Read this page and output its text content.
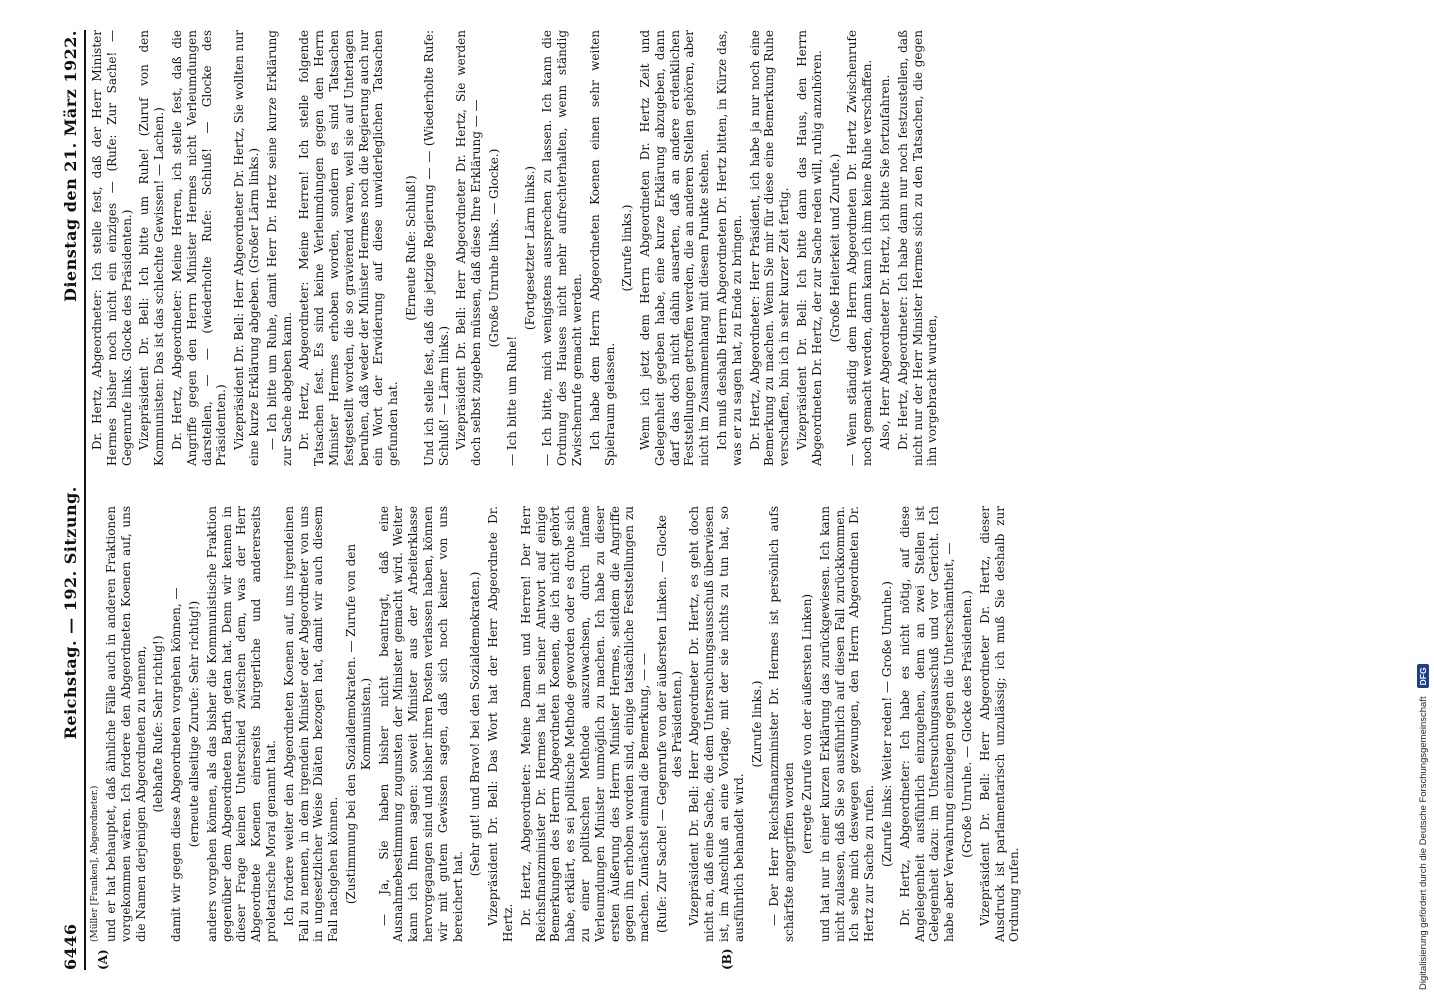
6446
Reichstag. — 192. Sitzung.
Dienstag den 21. März 1922.
(A)	(B)

(Müller [Franken], Abgeordneter.) und er hat behauptet, daß ähnliche Fälle auch in anderen Fraktionen vorgekommen wären. Ich fordere den Abgeordneten Koenen auf, uns die Namen derjenigen Abgeordneten zu nennen, (lebhafte Rufe: Sehr richtig!) damit wir gegen diese Abgeordneten vorgehen können, — (erneute allseitige Zurufe: Sehr richtig!) anders vorgehen können, als das bisher die Kommunistische Fraktion gegenüber dem Abgeordneten Barth getan hat. Denn wir kennen in dieser Frage keinen Unterschied zwischen dem, was der Herr Abgeordnete Koenen einerseits bürgerliche und andererseits proletarische Moral genannt hat. Ich fordere weiter den Abgeordneten Koenen auf, uns irgendeinen Fall zu nennen, in dem irgendein Minister oder Abgeordneter von uns in ungesetzlicher Weise Diäten bezogen hat, damit wir auch diesem Fall nachgehen können. (Zustimmung bei den Sozialdemokraten. — Zurufe von den Kommunisten.) — Ja, Sie haben bisher nicht beantragt, daß eine Ausnahmebestimmung zugunsten der Minister gemacht wird. Weiter kann ich Ihnen sagen: soweit Minister aus der Arbeiterklasse hervorgegangen sind und bisher ihren Posten verlassen haben, können wir mit gutem Gewissen sagen, daß sich noch keiner von uns bereichert hat.

(Sehr gut! und Bravo! bei den Sozialdemokraten.) Vizepräsident Dr. Bell: Das Wort hat der Herr Abgeordnete Dr. Hertz. Dr. Hertz, Abgeordneter: Meine Damen und Herren! Der Herr Reichsfinanzminister Dr. Hermes hat in seiner Antwort auf einige Bemerkungen des Herrn Abgeordneten Koenen, die ich nicht gehört habe, erklärt, es sei politische Methode geworden oder es drohe sich zu einer politischen Methode auszuwachsen, durch infame Verleumdungen Minister unmöglich zu machen. Ich habe zu dieser ersten Äußerung des Herrn Minister Hermes, seitdem die Angriffe gegen ihn erhoben worden sind, einige tatsächliche Feststellungen zu machen. Zunächst einmal die Bemerkung, — — (Rufe: Zur Sache! — Gegenrufe von der äußersten Linken. — Glocke des Präsidenten.) Vizepräsident Dr. Bell: Herr Abgeordneter Dr. Hertz, es geht doch nicht an, daß eine Sache, die dem Untersuchungsausschuß überwiesen ist, im Anschluß an eine Vorlage, mit der sie nichts zu tun hat, so ausführlich behandelt wird.

(Zurufe links.) — Der Herr Reichsfinanzminister Dr. Hermes ist persönlich aufs schärfste angegriffen worden (erregte Zurufe von der äußersten Linken) und hat nur in einer kurzen Erklärung das zurückgewiesen. Ich kann nicht zulassen, daß Sie so ausführlich auf diesen Fall zurückkommen. Ich sehe mich deswegen gezwungen, den Herrn Abgeordneten Dr. Hertz zur Sache zu rufen. (Zurufe links: Weiter reden! — Große Unruhe.) Dr. Hertz, Abgeordneter: Ich habe es nicht nötig, auf diese Angelegenheit ausführlich einzugehen, denn an zwei Stellen ist Gelegenheit dazu: im Untersuchungsausschuß und vor Gericht. Ich habe aber Verwahrung einzulegen gegen die Unterschämtheit, — (Große Unruhe. — Glocke des Präsidenten.) Vizepräsident Dr. Bell: Herr Abgeordneter Dr. Hertz, dieser Ausdruck ist parlamentarisch unzulässig; ich muß Sie deshalb zur Ordnung rufen.

Dr. Hertz, Abgeordneter: Ich stelle fest, daß der Herr Minister Hermes bisher noch nicht ein einziges — (Rufe: Zur Sache! — Gegenrufe links. Glocke des Präsidenten.) Vizepräsident Dr. Bell: Ich bitte um Ruhe! (Zuruf von den Kommunisten: Das ist das schlechte Gewissen! — Lachen.) Dr. Hertz, Abgeordneter: Meine Herren, ich stelle fest, daß die Angriffe gegen den Herrn Minister Hermes nicht Verleumdungen darstellen, — — (wiederholte Rufe: Schluß! — Glocke des Präsidenten.) Vizepräsident Dr. Bell: Herr Abgeordneter Dr. Hertz, Sie wollten nur eine kurze Erklärung abgeben. (Großer Lärm links.) — Ich bitte um Ruhe, damit Herr Dr. Hertz seine kurze Erklärung zur Sache abgeben kann. Dr. Hertz, Abgeordneter: Meine Herren! Ich stelle folgende Tatsachen fest. Es sind keine Verleumdungen gegen den Herrn Minister Hermes erhoben worden, sondern es sind Tatsachen festgestellt worden, die so gravierend waren, weil sie auf Unterlagen beruhen, daß weder der Minister Hermes noch die Regierung auch nur ein Wort der Erwiderung auf diese unwiderleglichen Tatsachen gefunden hat.

(Erneute Rufe: Schluß!) Und ich stelle fest, daß die jetzige Regierung — — (Wiederholte Rufe: Schluß! — Lärm links.) Vizepräsident Dr. Bell: Herr Abgeordneter Dr. Hertz, Sie werden doch selbst zugeben müssen, daß diese Ihre Erklärung — — (Große Unruhe links. — Glocke.)

— Ich bitte um Ruhe!

(Fortgesetzter Lärm links.) — Ich bitte, mich wenigstens aussprechen zu lassen. Ich kann die Ordnung des Hauses nicht mehr aufrechterhalten, wenn ständig Zwischenrufe gemacht werden. Ich habe dem Herrn Abgeordneten Koenen einen sehr weiten Spielraum gelassen.

(Zurufe links.) Wenn ich jetzt dem Herrn Abgeordneten Dr. Hertz Zeit und Gelegenheit gegeben habe, eine kurze Erklärung abzugeben, dann darf das doch nicht dahin ausarten, daß an andere erdenklichen Feststellungen getroffen werden, die an anderen Stellen gehören, aber nicht im Zusammenhang mit diesem Punkte stehen. Ich muß deshalb Herrn Abgeordneten Dr. Hertz bitten, in Kürze das, was er zu sagen hat, zu Ende zu bringen. Dr. Hertz, Abgeordneter: Herr Präsident, ich habe ja nur noch eine Bemerkung zu machen. Wenn Sie mir für diese eine Bemerkung Ruhe verschaffen, bin ich in sehr kurzer Zeit fertig. Vizepräsident Dr. Bell: Ich bitte dann das Haus, den Herrn Abgeordneten Dr. Hertz, der zur Sache reden will, ruhig anzuhören. (Große Heiterkeit und Zurufe.) — Wenn ständig dem Herrn Abgeordneten Dr. Hertz Zwischenrufe noch gemacht werden, dann kann ich ihm keine Ruhe verschaffen. Also, Herr Abgeordneter Dr. Hertz, ich bitte Sie fortzufahren. Dr. Hertz, Abgeordneter: Ich habe dann nur noch festzustellen, daß nicht nur der Herr Minister Hermes sich zu den Tatsachen, die gegen ihn vorgebracht wurden,

Digitalisierung gefördert durch die Deutsche Forschungsgemeinschaft
DFG
